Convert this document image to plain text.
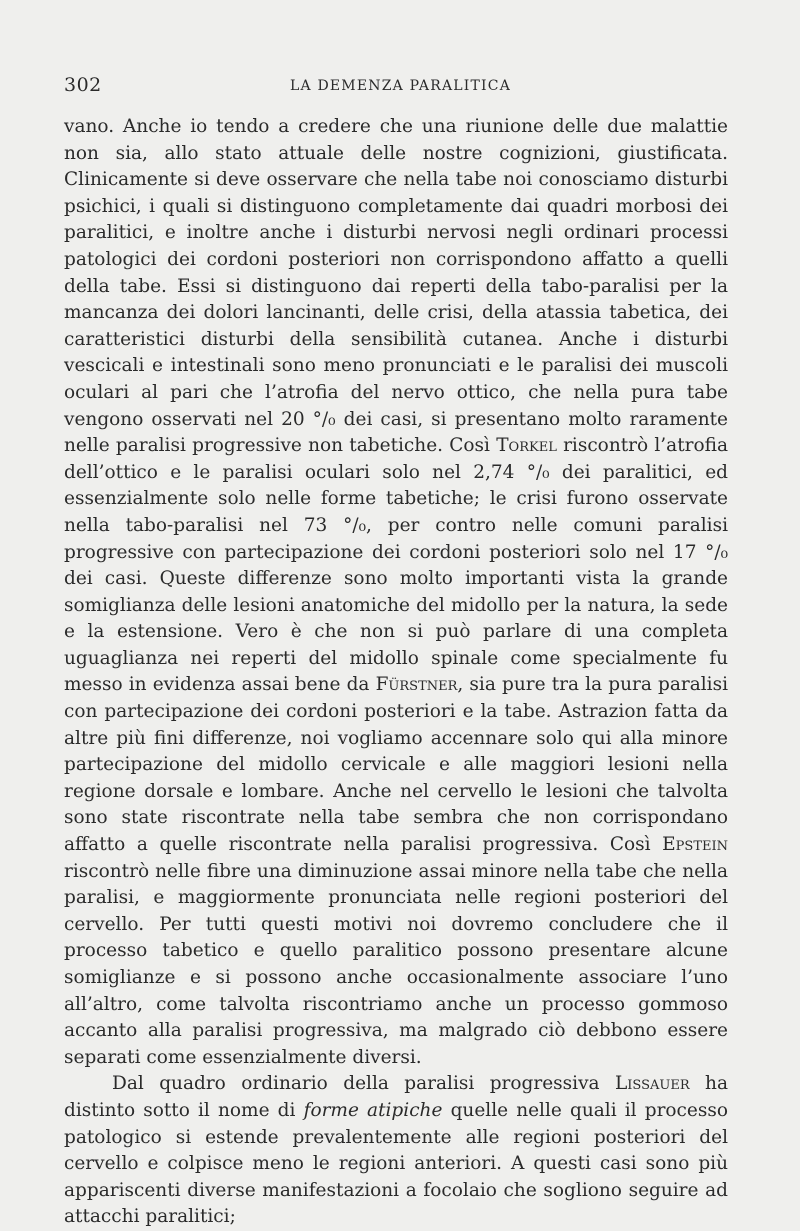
302	LA DEMENZA PARALITICA

vano. Anche io tendo a credere che una riunione delle due malattie non sia, allo stato attuale delle nostre cognizioni, giustificata. Clinicamente si deve osservare che nella tabe noi conosciamo disturbi psichici, i quali si distinguono completamente dai quadri morbosi dei paralitici, e inoltre anche i disturbi nervosi negli ordinari processi patologici dei cordoni posteriori non corrispondono affatto a quelli della tabe. Essi si distinguono dai reperti della tabo-paralisi per la mancanza dei dolori lancinanti, delle crisi, della atassia tabetica, dei caratteristici disturbi della sensibilità cutanea. Anche i disturbi vescicali e intestinali sono meno pronunciati e le paralisi dei muscoli oculari al pari che l’atrofia del nervo ottico, che nella pura tabe vengono osservati nel 20 °/₀ dei casi, si presentano molto raramente nelle paralisi progressive non tabetiche. Così Torkel riscontrò l’atrofia dell’ottico e le paralisi oculari solo nel 2,74 °/₀ dei paralitici, ed essenzialmente solo nelle forme tabetiche; le crisi furono osservate nella tabo-paralisi nel 73 °/₀, per contro nelle comuni paralisi progressive con partecipazione dei cordoni posteriori solo nel 17 °/₀ dei casi. Queste differenze sono molto importanti vista la grande somiglianza delle lesioni anatomiche del midollo per la natura, la sede e la estensione. Vero è che non si può parlare di una completa uguaglianza nei reperti del midollo spinale come specialmente fu messo in evidenza assai bene da Fürstner, sia pure tra la pura paralisi con partecipazione dei cordoni posteriori e la tabe. Astrazion fatta da altre più fini differenze, noi vogliamo accennare solo qui alla minore partecipazione del midollo cervicale e alle maggiori lesioni nella regione dorsale e lombare. Anche nel cervello le lesioni che talvolta sono state riscontrate nella tabe sembra che non corrispondano affatto a quelle riscontrate nella paralisi progressiva. Così Epstein riscontrò nelle fibre una diminuzione assai minore nella tabe che nella paralisi, e maggiormente pronunciata nelle regioni posteriori del cervello. Per tutti questi motivi noi dovremo concludere che il processo tabetico e quello paralitico possono presentare alcune somiglianze e si possono anche occasionalmente associare l’uno all’altro, come talvolta riscontriamo anche un processo gommoso accanto alla paralisi progressiva, ma malgrado ciò debbono essere separati come essenzialmente diversi.

Dal quadro ordinario della paralisi progressiva Lissauer ha distinto sotto il nome di forme atipiche quelle nelle quali il processo patologico si estende prevalentemente alle regioni posteriori del cervello e colpisce meno le regioni anteriori. A questi casi sono più appariscenti diverse manifestazioni a focolaio che sogliono seguire ad attacchi paralitici;
